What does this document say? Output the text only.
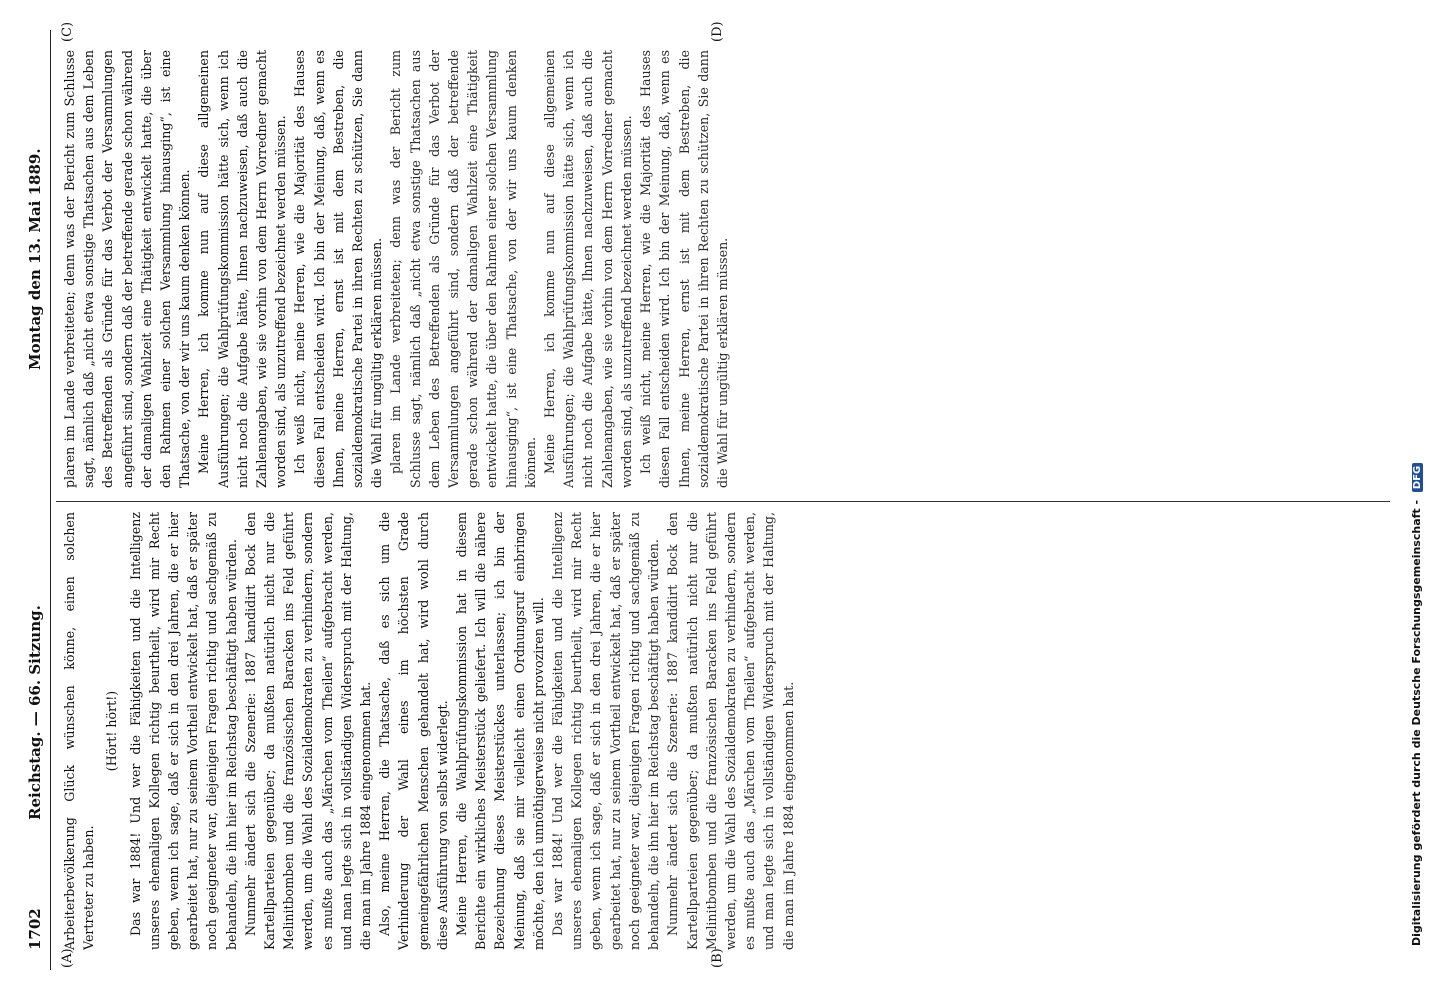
1702
Reichstag. — 66. Sitzung.
Montag den 13. Mai 1889.
(A)	(B)
(C)	(D)

Arbeiterbevölkerung Glück wünschen könne, einen solchen Vertreter zu haben.

(Hört! hört!) Das war 1884! Und wer die Fähigkeiten und die Intelligenz unseres ehemaligen Kollegen richtig beurtheilt, wird mir Recht geben, wenn ich sage, daß er sich in den drei Jahren, die er hier gearbeitet hat, nur zu seinem Vortheil entwickelt hat, daß er später noch geeigneter war, diejenigen Fragen richtig und sachgemäß zu behandeln, die ihn hier im Reichstag beschäftigt haben würden. Nunmehr ändert sich die Szenerie: 1887 kandidirt Bock den Kartellparteien gegenüber; da mußten natürlich nicht nur die Melinitbomben und die französischen Baracken ins Feld geführt werden, um die Wahl des Sozialdemokraten zu verhindern, sondern es mußte auch das „Märchen vom Theilen“ aufgebracht werden, und man legte sich in vollständigen Widerspruch mit der Haltung, die man im Jahre 1884 eingenommen hat. Also, meine Herren, die Thatsache, daß es sich um die Verhinderung der Wahl eines im höchsten Grade gemeingefährlichen Menschen gehandelt hat, wird wohl durch diese Ausführung von selbst widerlegt. Meine Herren, die Wahlprüfungskommission hat in diesem Berichte ein wirkliches Meisterstück geliefert. Ich will die nähere Bezeichnung dieses Meisterstückes unterlassen; ich bin der Meinung, daß sie mir vielleicht einen Ordnungsruf einbringen möchte, den ich unnöthigerweise nicht provoziren will. Das war 1884! Und wer die Fähigkeiten und die Intelligenz unseres ehemaligen Kollegen richtig beurtheilt, wird mir Recht geben, wenn ich sage, daß er sich in den drei Jahren, die er hier gearbeitet hat, nur zu seinem Vortheil entwickelt hat, daß er später noch geeigneter war, diejenigen Fragen richtig und sachgemäß zu behandeln, die ihn hier im Reichstag beschäftigt haben würden. Nunmehr ändert sich die Szenerie: 1887 kandidirt Bock den Kartellparteien gegenüber; da mußten natürlich nicht nur die Melinitbomben und die französischen Baracken ins Feld geführt werden, um die Wahl des Sozialdemokraten zu verhindern, sondern es mußte auch das „Märchen vom Theilen“ aufgebracht werden, und man legte sich in vollständigen Widerspruch mit der Haltung, die man im Jahre 1884 eingenommen hat.

plaren im Lande verbreiteten; denn was der Bericht zum Schlusse sagt, nämlich daß „nicht etwa sonstige Thatsachen aus dem Leben des Betreffenden als Gründe für das Verbot der Versammlungen angeführt sind, sondern daß der betreffende gerade schon während der damaligen Wahlzeit eine Thätigkeit entwickelt hatte, die über den Rahmen einer solchen Versammlung hinausging“, ist eine Thatsache, von der wir uns kaum denken können. Meine Herren, ich komme nun auf diese allgemeinen Ausführungen; die Wahlprüfungskommission hätte sich, wenn ich nicht noch die Aufgabe hätte, Ihnen nachzuweisen, daß auch die Zahlenangaben, wie sie vorhin von dem Herrn Vorredner gemacht worden sind, als unzutreffend bezeichnet werden müssen. Ich weiß nicht, meine Herren, wie die Majorität des Hauses diesen Fall entscheiden wird. Ich bin der Meinung, daß, wenn es Ihnen, meine Herren, ernst ist mit dem Bestreben, die sozialdemokratische Partei in ihren Rechten zu schützen, Sie dann die Wahl für ungültig erklären müssen. plaren im Lande verbreiteten; denn was der Bericht zum Schlusse sagt, nämlich daß „nicht etwa sonstige Thatsachen aus dem Leben des Betreffenden als Gründe für das Verbot der Versammlungen angeführt sind, sondern daß der betreffende gerade schon während der damaligen Wahlzeit eine Thätigkeit entwickelt hatte, die über den Rahmen einer solchen Versammlung hinausging“, ist eine Thatsache, von der wir uns kaum denken können. Meine Herren, ich komme nun auf diese allgemeinen Ausführungen; die Wahlprüfungskommission hätte sich, wenn ich nicht noch die Aufgabe hätte, Ihnen nachzuweisen, daß auch die Zahlenangaben, wie sie vorhin von dem Herrn Vorredner gemacht worden sind, als unzutreffend bezeichnet werden müssen. Ich weiß nicht, meine Herren, wie die Majorität des Hauses diesen Fall entscheiden wird. Ich bin der Meinung, daß, wenn es Ihnen, meine Herren, ernst ist mit dem Bestreben, die sozialdemokratische Partei in ihren Rechten zu schützen, Sie dann die Wahl für ungültig erklären müssen.

Digitalisierung gefördert durch die Deutsche Forschungsgemeinschaft - DFG
